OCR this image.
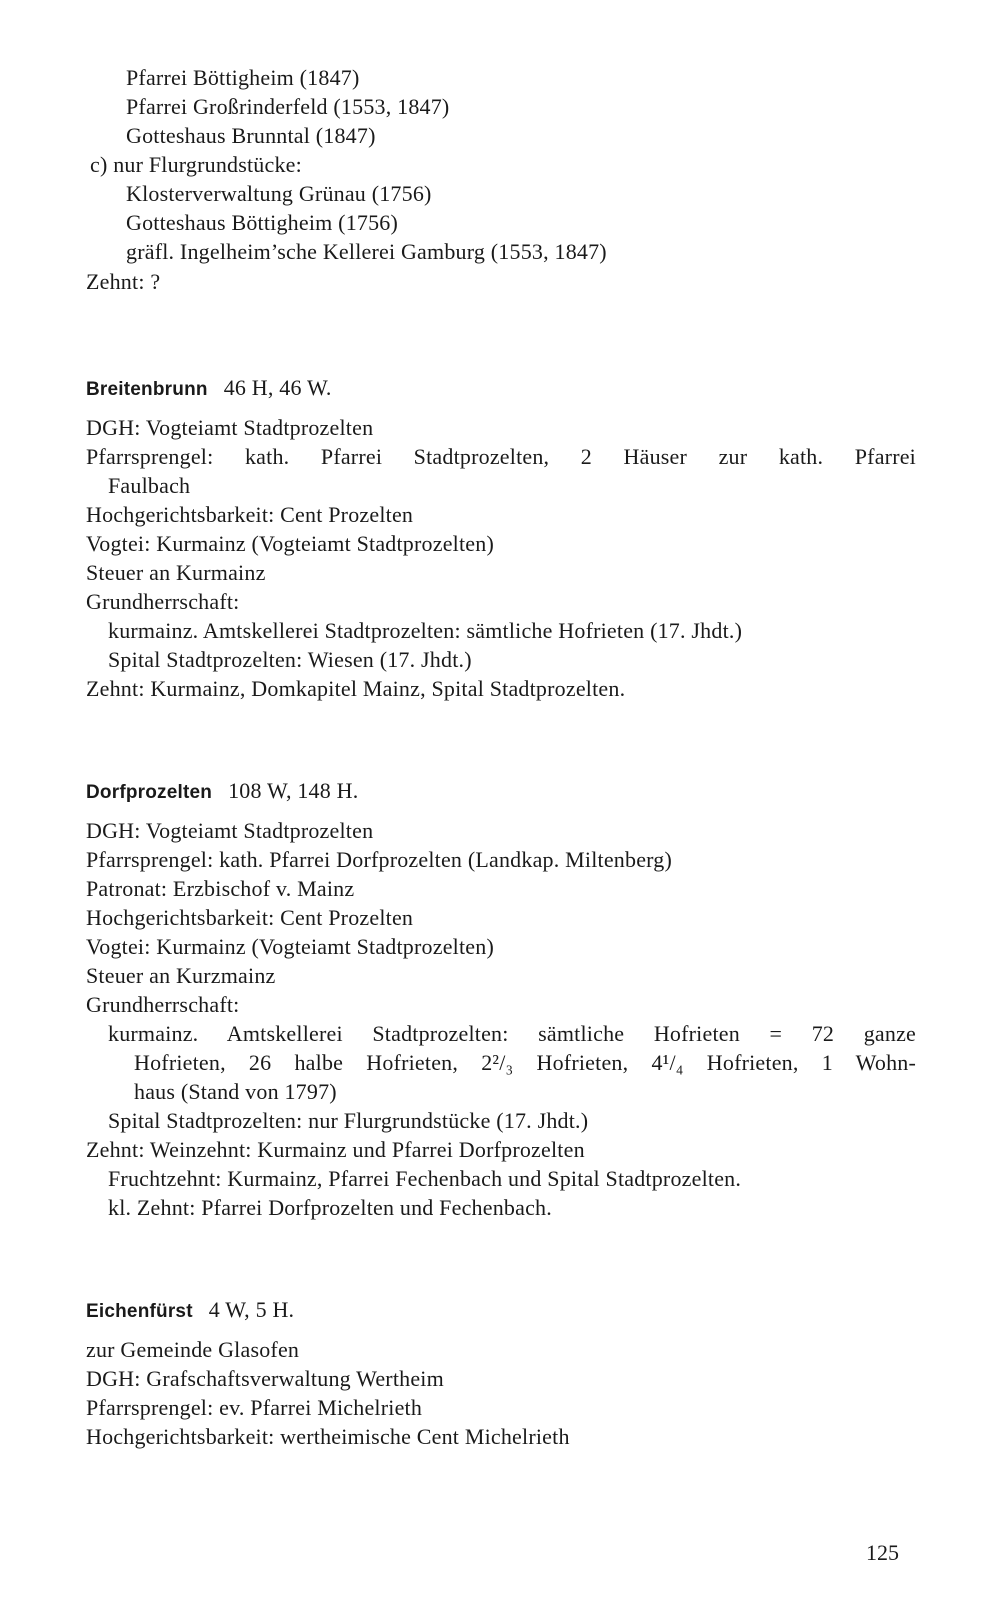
Pfarrei Böttigheim (1847)
Pfarrei Großrinderfeld (1553, 1847)
Gotteshaus Brunntal (1847)
c) nur Flurgrundstücke:
Klosterverwaltung Grünau (1756)
Gotteshaus Böttigheim (1756)
gräfl. Ingelheim’sche Kellerei Gamburg (1553, 1847)
Zehnt: ?
Breitenbrunn 46 H, 46 W.
DGH: Vogteiamt Stadtprozelten
Pfarrsprengel: kath. Pfarrei Stadtprozelten, 2 Häuser zur kath. Pfarrei
Faulbach
Hochgerichtsbarkeit: Cent Prozelten
Vogtei: Kurmainz (Vogteiamt Stadtprozelten)
Steuer an Kurmainz
Grundherrschaft:
kurmainz. Amtskellerei Stadtprozelten: sämtliche Hofrieten (17. Jhdt.)
Spital Stadtprozelten: Wiesen (17. Jhdt.)
Zehnt: Kurmainz, Domkapitel Mainz, Spital Stadtprozelten.
Dorfprozelten 108 W, 148 H.
DGH: Vogteiamt Stadtprozelten
Pfarrsprengel: kath. Pfarrei Dorfprozelten (Landkap. Miltenberg)
Patronat: Erzbischof v. Mainz
Hochgerichtsbarkeit: Cent Prozelten
Vogtei: Kurmainz (Vogteiamt Stadtprozelten)
Steuer an Kurzmainz
Grundherrschaft:
kurmainz. Amtskellerei Stadtprozelten: sämtliche Hofrieten = 72 ganze
Hofrieten, 26 halbe Hofrieten, 2²/₃ Hofrieten, 4¹/₄ Hofrieten, 1 Wohn-
haus (Stand von 1797)
Spital Stadtprozelten: nur Flurgrundstücke (17. Jhdt.)
Zehnt: Weinzehnt: Kurmainz und Pfarrei Dorfprozelten
Fruchtzehnt: Kurmainz, Pfarrei Fechenbach und Spital Stadtprozelten.
kl. Zehnt: Pfarrei Dorfprozelten und Fechenbach.
Eichenfürst 4 W, 5 H.
zur Gemeinde Glasofen
DGH: Grafschaftsverwaltung Wertheim
Pfarrsprengel: ev. Pfarrei Michelrieth
Hochgerichtsbarkeit: wertheimische Cent Michelrieth
125
